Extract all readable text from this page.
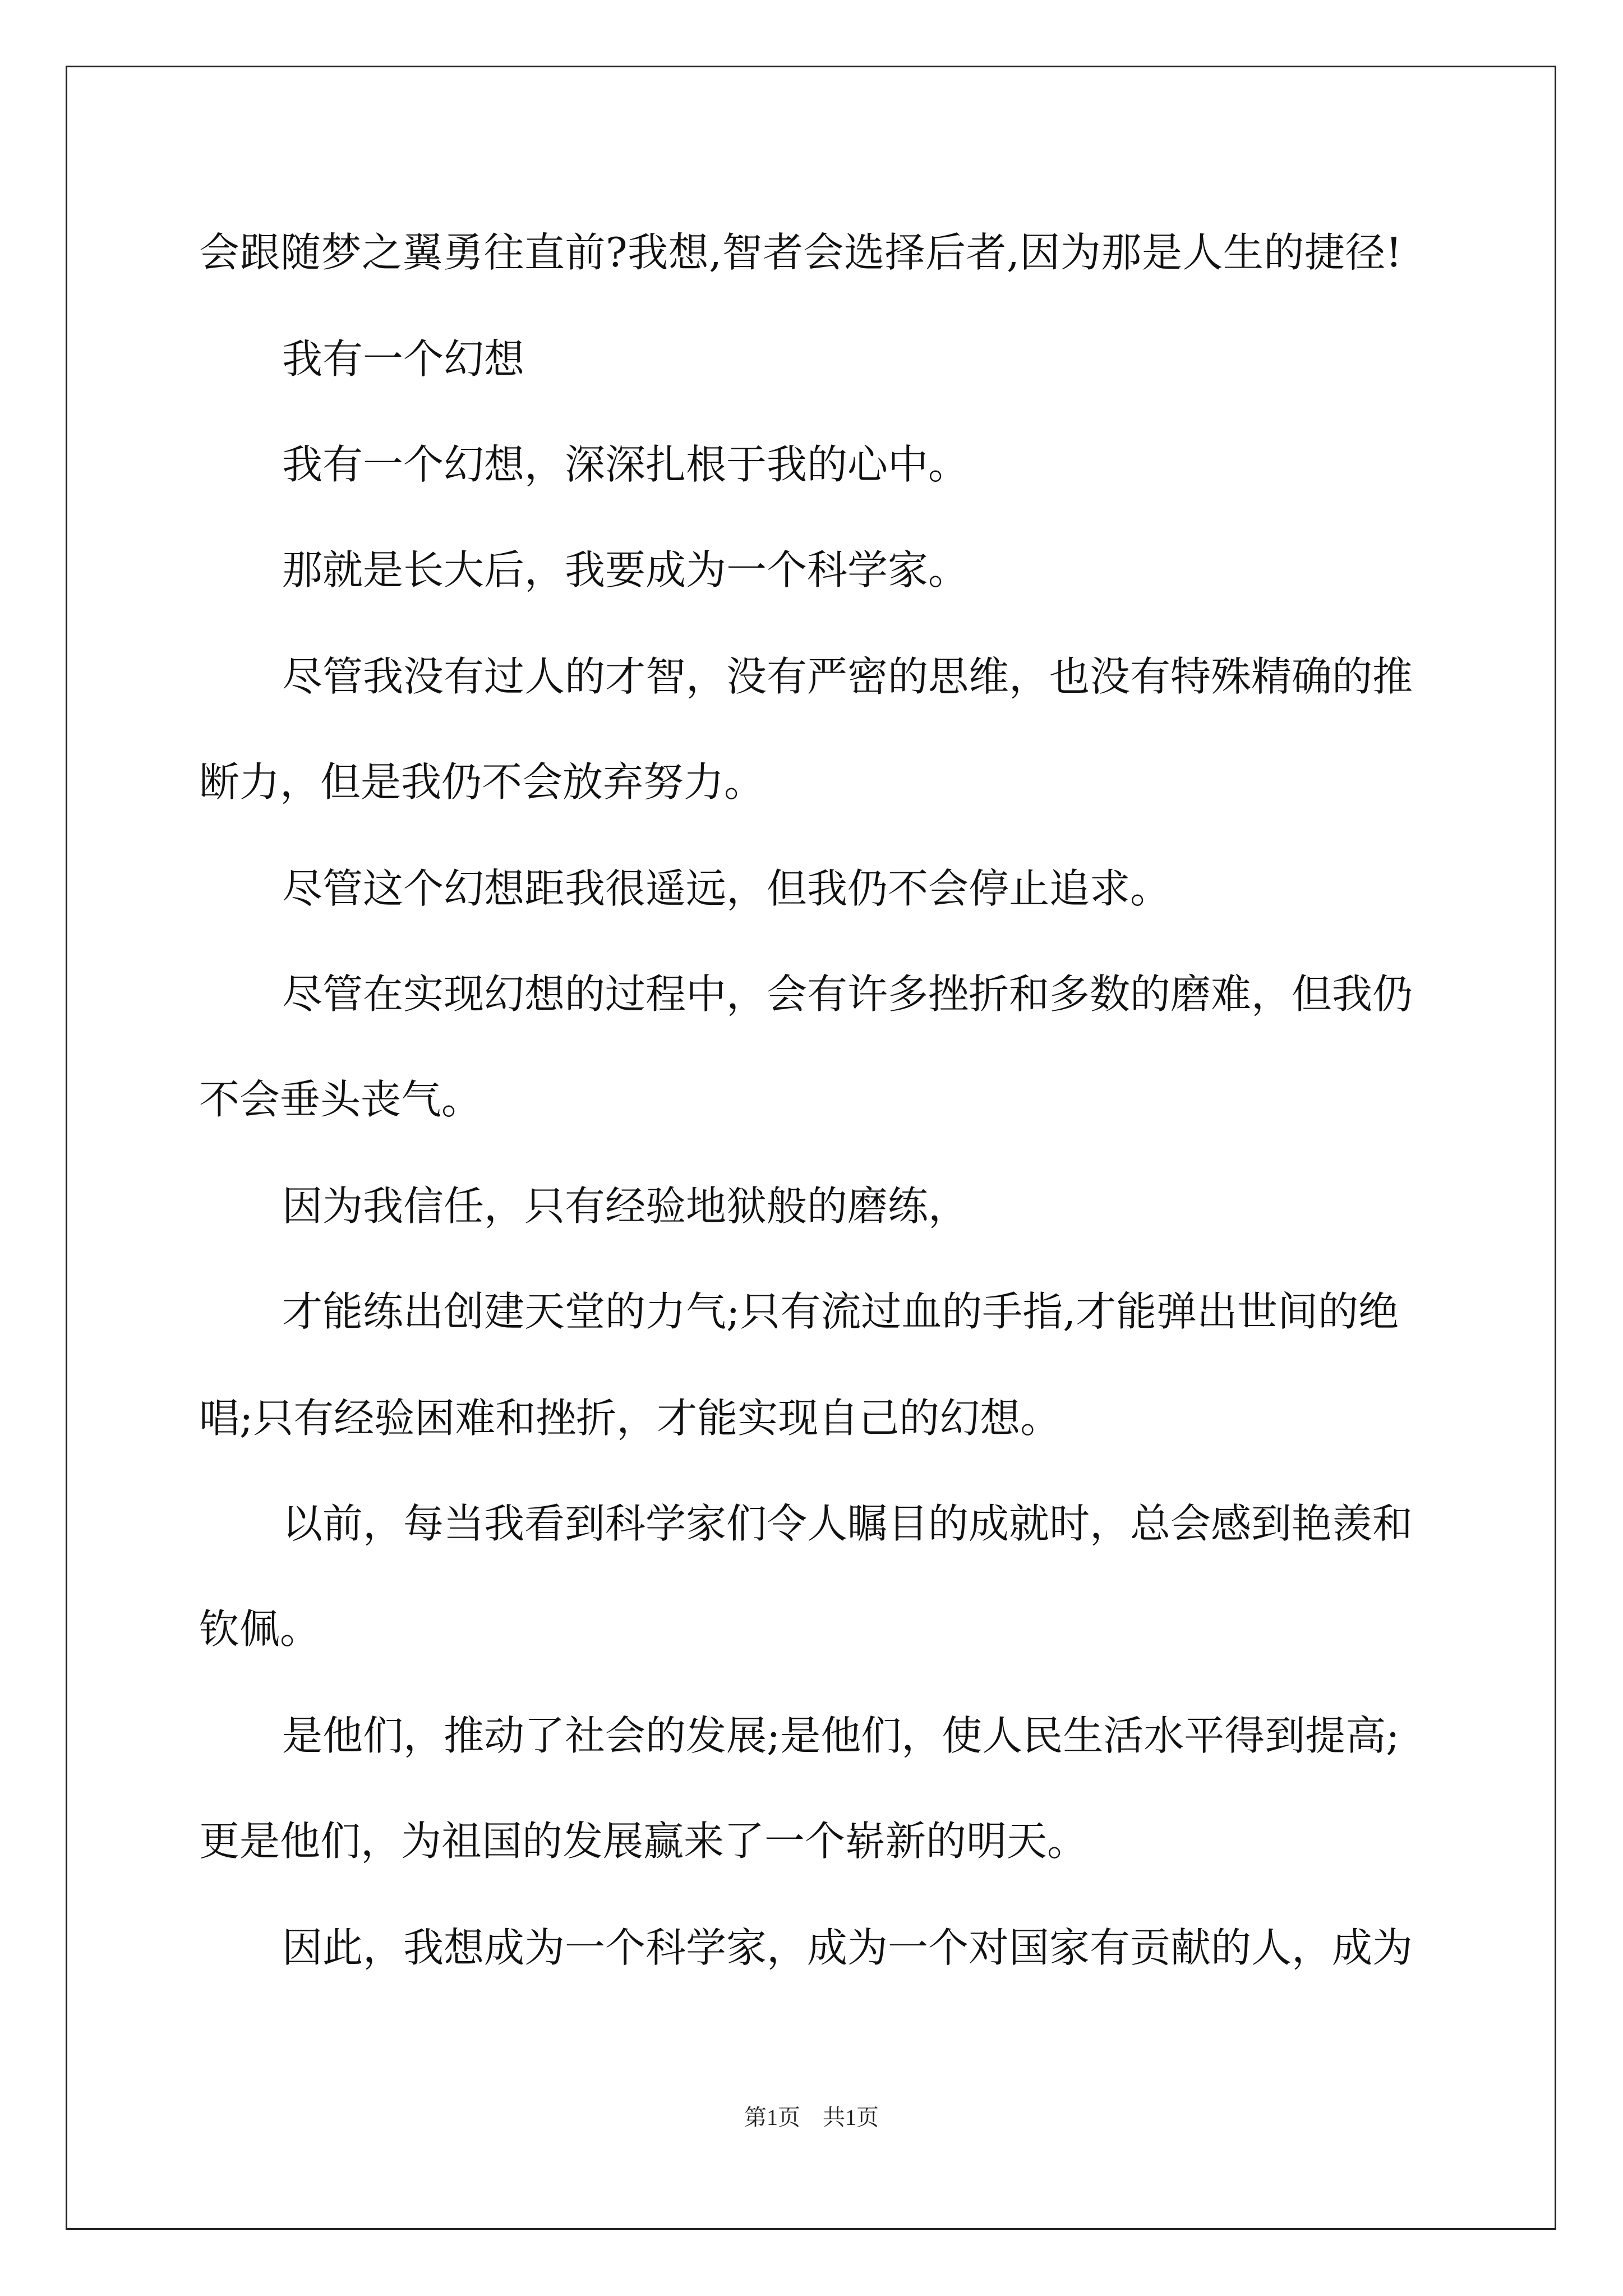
会跟随梦之翼勇往直前?我想,智者会选择后者,因为那是人生的捷径!
我有一个幻想
我有一个幻想，深深扎根于我的心中。
那就是长大后，我要成为一个科学家。
尽管我没有过人的才智，没有严密的思维，也没有特殊精确的推
断力，但是我仍不会放弃努力。
尽管这个幻想距我很遥远，但我仍不会停止追求。
尽管在实现幻想的过程中，会有许多挫折和多数的磨难，但我仍
不会垂头丧气。
因为我信任，只有经验地狱般的磨练，
才能练出创建天堂的力气;只有流过血的手指,才能弹出世间的绝
唱;只有经验困难和挫折，才能实现自己的幻想。
以前，每当我看到科学家们令人瞩目的成就时，总会感到艳羡和
钦佩。
是他们，推动了社会的发展;是他们，使人民生活水平得到提高;
更是他们，为祖国的发展赢来了一个崭新的明天。
因此，我想成为一个科学家，成为一个对国家有贡献的人，成为
第1页　共1页
